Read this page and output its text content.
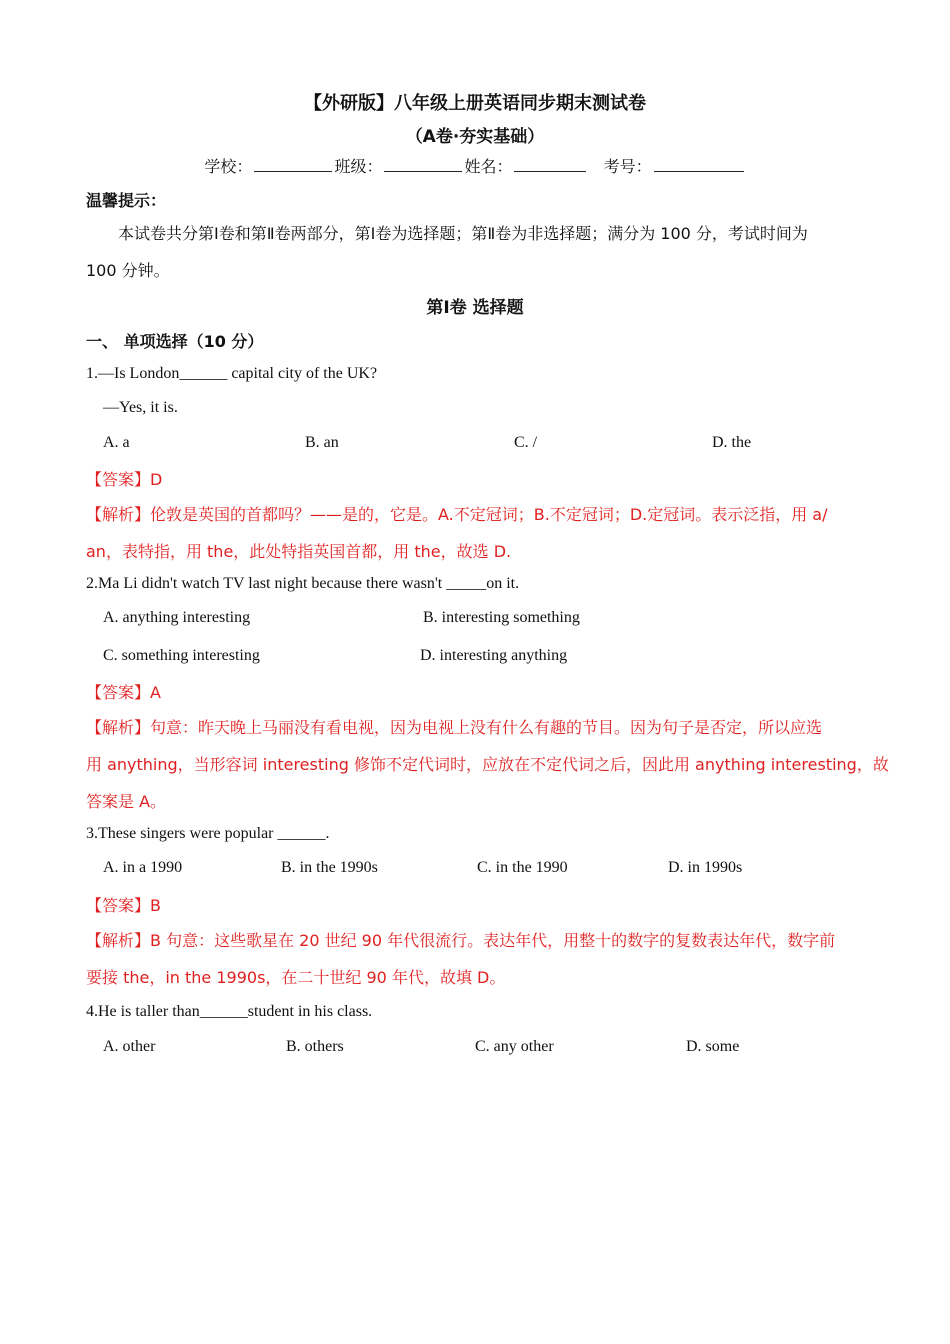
【外研版】八年级上册英语同步期末测试卷
（A卷·夯实基础）
学校：	班级：	姓名：	考号：
温馨提示：
本试卷共分第Ⅰ卷和第Ⅱ卷两部分，第Ⅰ卷为选择题；第Ⅱ卷为非选择题；满分为 100 分，考试时间为
100 分钟。
第Ⅰ卷 选择题
一、 单项选择（10 分）
1.—Is London______ capital city of the UK?
—Yes, it is.
A. a	B. an	C. /	D. the
【答案】D
【解析】伦敦是英国的首都吗？——是的，它是。A.不定冠词；B.不定冠词；D.定冠词。表示泛指，用 a/
an，表特指，用 the，此处特指英国首都，用 the，故选 D.
2.Ma Li didn't watch TV last night because there wasn't _____on it.
A. anything interesting	B. interesting something
C. something interesting	D. interesting anything
【答案】A
【解析】句意：昨天晚上马丽没有看电视，因为电视上没有什么有趣的节目。因为句子是否定，所以应选
用 anything，当形容词 interesting 修饰不定代词时，应放在不定代词之后，因此用 anything interesting，故
答案是 A。
3.These singers were popular ______.
A. in a 1990	B. in the 1990s	C. in the 1990	D. in 1990s
【答案】B
【解析】B 句意：这些歌星在 20 世纪 90 年代很流行。表达年代，用整十的数字的复数表达年代，数字前
要接 the，in the 1990s，在二十世纪 90 年代，故填 D。
4.He is taller than______student in his class.
A. other	B. others	C. any other	D. some
